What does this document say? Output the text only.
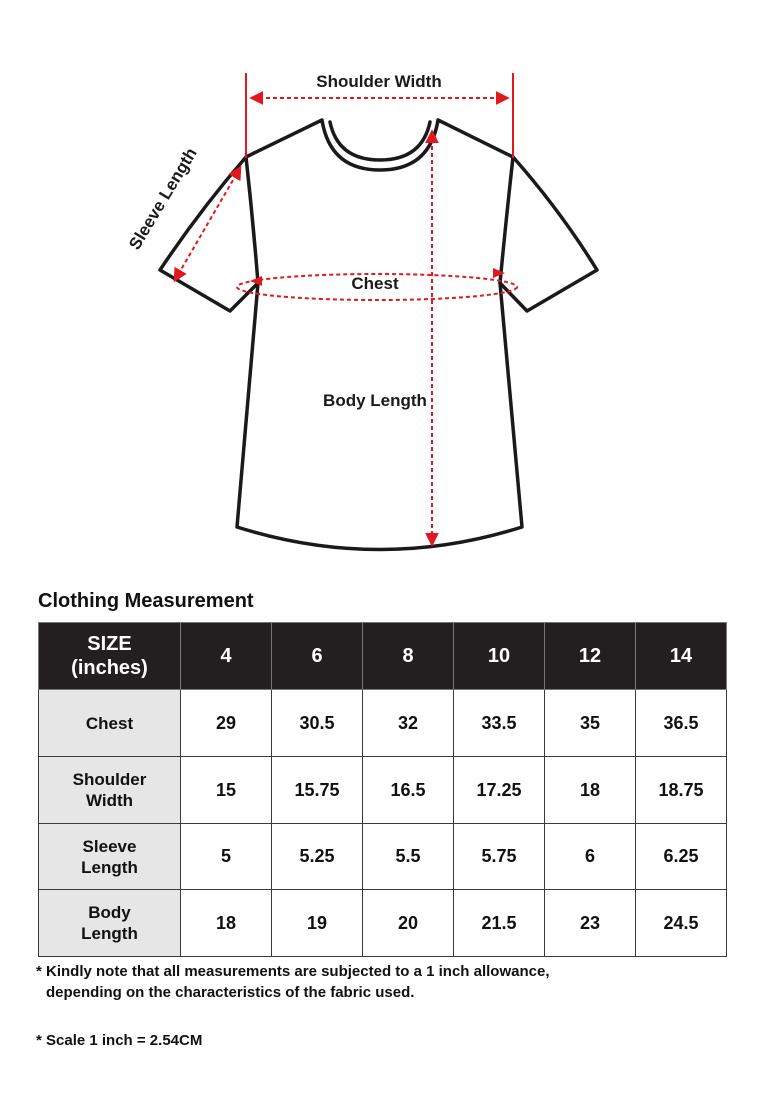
Shoulder Width
Sleeve Length
Chest
Body Length
Clothing Measurement
SIZE
(inches)	4	6	8	10	12	14

Chest	29	30.5	32	33.5	35	36.5

Shoulder
Width	15	15.75	16.5	17.25	18	18.75

Sleeve
Length	5	5.25	5.5	5.75	6	6.25

Body
Length	18	19	20	21.5	23	24.5
* Kindly note that all measurements are subjected to a 1 inch allowance,
depending on the characteristics of the fabric used.
* Scale 1 inch = 2.54CM
